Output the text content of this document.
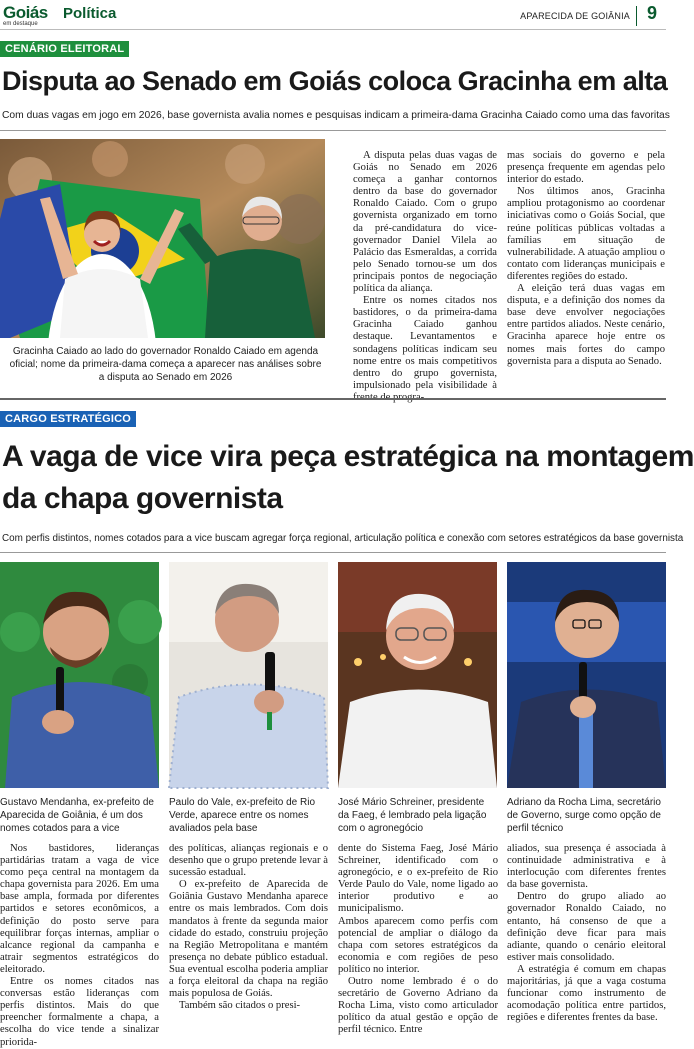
Goiás
em destaque
Política	APARECIDA DE GOIÂNIA 9
CENÁRIO ELEITORAL
Disputa ao Senado em Goiás coloca Gracinha em alta
Com duas vagas em jogo em 2026, base governista avalia nomes e pesquisas indicam a primeira-dama Gracinha Caiado como uma das favoritas
Gracinha Caiado ao lado do governador Ronaldo Caiado em agenda oficial; nome da primeira-dama começa a aparecer nas análises sobre a disputa ao Senado em 2026

A disputa pelas duas vagas de Goiás no Senado em 2026 começa a ganhar contornos dentro da base do governador Ronaldo Caiado. Com o grupo governista organizado em torno da pré-candidatura do vice-governador Daniel Vilela ao Palácio das Esmeraldas, a corrida pelo Senado tornou-se um dos principais pontos de negociação política da aliança.

Entre os nomes citados nos bastidores, o da primeira-dama Gracinha Caiado ganhou destaque. Levantamentos e sondagens políticas indicam seu nome entre os mais competitivos dentro do grupo governista, impulsionado pela visibilidade à

mas sociais do governo e pela presença frequente em agendas pelo interior do estado.

Nos últimos anos, Gracinha ampliou protagonismo ao coordenar iniciativas como o Goiás Social, que reúne políticas públicas voltadas a famílias em situação de vulnerabilidade. A atuação ampliou o contato com lideranças municipais e diferentes regiões do estado.

A eleição terá duas vagas em disputa, e a definição dos nomes da base deve envolver negociações entre partidos aliados. Neste cenário, Gracinha aparece hoje entre os nomes mais fortes do campo governista para a disputa ao Senado.

CARGO ESTRATÉGICO
A vaga de vice vira peça estratégica na montagem
da chapa governista
Com perfis distintos, nomes cotados para a vice buscam agregar força regional, articulação política e conexão com setores estratégicos da base governista
Gustavo Mendanha, ex-prefeito de Aparecida de Goiânia, é um dos nomes cotados para a vice
Paulo do Vale, ex-prefeito de Rio Verde, aparece entre os nomes avaliados pela base
José Mário Schreiner, presidente da Faeg, é lembrado pela ligação com o agronegócio
Adriano da Rocha Lima, secretário de Governo, surge como opção de perfil técnico

Nos bastidores, lideranças partidárias tratam a vaga de vice como peça central na montagem da chapa governista para 2026. Em uma base ampla, formada por diferentes partidos e setores econômicos, a definição do posto serve para equilibrar forças internas, ampliar o alcance regional da campanha e atrair segmentos estratégicos do eleitorado.

Entre os nomes citados nas conversas estão lideranças com perfis distintos. Mais do que preencher formalmente a chapa, a escolha do vice tende a sinalizar priorida-

des políticas, alianças regionais e o desenho que o grupo pretende levar à sucessão estadual.

O ex-prefeito de Aparecida de Goiânia Gustavo Mendanha aparece entre os mais lembrados. Com dois mandatos à frente da segunda maior cidade do estado, construiu projeção na Região Metropolitana e mantém presença no debate público estadual. Sua eventual escolha poderia ampliar a força eleitoral da chapa na região mais populosa de Goiás.

Também são citados o presi-

dente do Sistema Faeg, José Mário Schreiner, identificado com o agronegócio, e o ex-prefeito de Rio Verde Paulo do Vale, nome ligado ao interior produtivo e ao municipalismo.

Ambos aparecem como perfis com potencial de ampliar o diálogo da chapa com setores estratégicos da economia e com regiões de peso político no interior.

Outro nome lembrado é o do secretário de Governo Adriano da Rocha Lima, visto como articulador político da atual gestão e opção de perfil técnico. Entre

aliados, sua presença é associada à continuidade administrativa e à interlocução com diferentes frentes da base governista.

Dentro do grupo aliado ao governador Ronaldo Caiado, no entanto, há consenso de que a definição deve ficar para mais adiante, quando o cenário eleitoral estiver mais consolidado.

A estratégia é comum em chapas majoritárias, já que a vaga costuma funcionar como instrumento de acomodação política entre partidos, regiões e diferentes frentes da base.
